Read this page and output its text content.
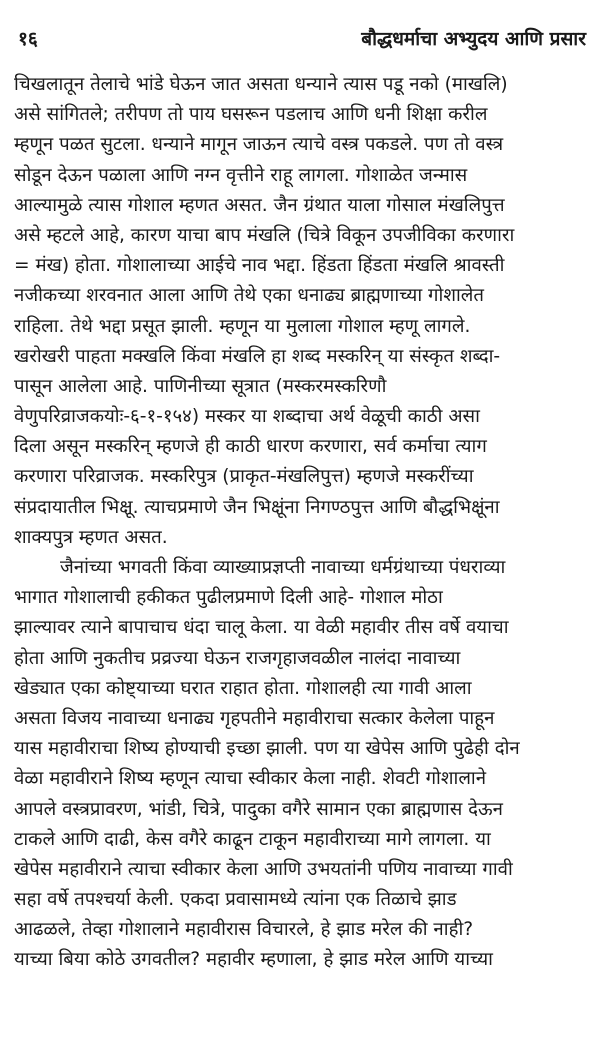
१६	बौद्धधर्माचा अभ्युदय आणि प्रसार
चिखलातून तेलाचे भांडे घेऊन जात असता धन्याने त्यास पडू नको (माखलि)
असे सांगितले; तरीपण तो पाय घसरून पडलाच आणि धनी शिक्षा करील
म्हणून पळत सुटला. धन्याने मागून जाऊन त्याचे वस्त्र पकडले. पण तो वस्त्र
सोडून देऊन पळाला आणि नग्न वृत्तीने राहू लागला. गोशाळेत जन्मास
आल्यामुळे त्यास गोशाल म्हणत असत. जैन ग्रंथात याला गोसाल मंखलिपुत्त
असे म्हटले आहे, कारण याचा बाप मंखलि (चित्रे विकून उपजीविका करणारा
= मंख) होता. गोशालाच्या आईचे नाव भद्दा. हिंडता हिंडता मंखलि श्रावस्ती
नजीकच्या शरवनात आला आणि तेथे एका धनाढ्य ब्राह्मणाच्या गोशालेत
राहिला. तेथे भद्दा प्रसूत झाली. म्हणून या मुलाला गोशाल म्हणू लागले.
खरोखरी पाहता मक्खलि किंवा मंखलि हा शब्द मस्करिन् या संस्कृत शब्दा-
पासून आलेला आहे. पाणिनीच्या सूत्रात (मस्करमस्करिणौ
वेणुपरिव्राजकयोः-६-१-१५४) मस्कर या शब्दाचा अर्थ वेळूची काठी असा
दिला असून मस्करिन् म्हणजे ही काठी धारण करणारा, सर्व कर्माचा त्याग
करणारा परिव्राजक. मस्करिपुत्र (प्राकृत-मंखलिपुत्त) म्हणजे मस्करींच्या
संप्रदायातील भिक्षू. त्याचप्रमाणे जैन भिक्षूंना निगण्ठपुत्त आणि बौद्धभिक्षूंना
शाक्यपुत्र म्हणत असत.
जैनांच्या भगवती किंवा व्याख्याप्रज्ञप्ती नावाच्या धर्मग्रंथाच्या पंधराव्या
भागात गोशालाची हकीकत पुढीलप्रमाणे दिली आहे- गोशाल मोठा
झाल्यावर त्याने बापाचाच धंदा चालू केला. या वेळी महावीर तीस वर्षे वयाचा
होता आणि नुकतीच प्रव्रज्या घेऊन राजगृहाजवळील नालंदा नावाच्या
खेड्यात एका कोष्ट्याच्या घरात राहात होता. गोशालही त्या गावी आला
असता विजय नावाच्या धनाढ्य गृहपतीने महावीराचा सत्कार केलेला पाहून
यास महावीराचा शिष्य होण्याची इच्छा झाली. पण या खेपेस आणि पुढेही दोन
वेळा महावीराने शिष्य म्हणून त्याचा स्वीकार केला नाही. शेवटी गोशालाने
आपले वस्त्रप्रावरण, भांडी, चित्रे, पादुका वगैरे सामान एका ब्राह्मणास देऊन
टाकले आणि दाढी, केस वगैरे काढून टाकून महावीराच्या मागे लागला. या
खेपेस महावीराने त्याचा स्वीकार केला आणि उभयतांनी पणिय नावाच्या गावी
सहा वर्षे तपश्चर्या केली. एकदा प्रवासामध्ये त्यांना एक तिळाचे झाड
आढळले, तेव्हा गोशालाने महावीरास विचारले, हे झाड मरेल की नाही?
याच्या बिया कोठे उगवतील? महावीर म्हणाला, हे झाड मरेल आणि याच्या
